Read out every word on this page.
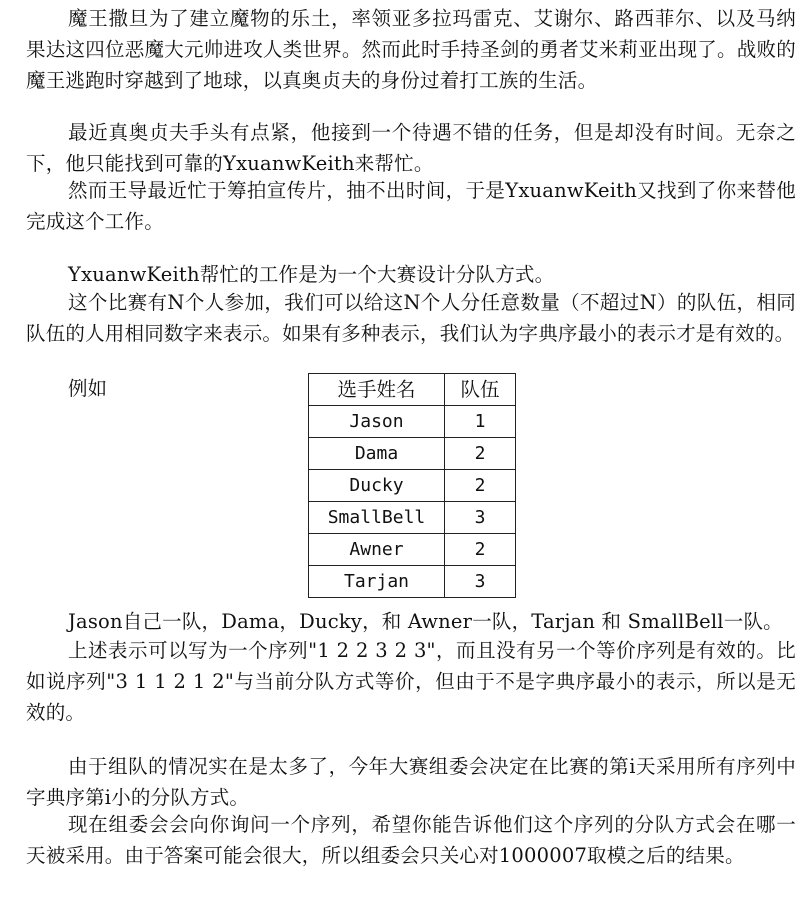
魔王撒旦为了建立魔物的乐土，率领亚多拉玛雷克、艾谢尔、路西菲尔、以及马纳果达这四位恶魔大元帅进攻人类世界。然而此时手持圣剑的勇者艾米莉亚出现了。战败的魔王逃跑时穿越到了地球，以真奥贞夫的身份过着打工族的生活。

最近真奥贞夫手头有点紧，他接到一个待遇不错的任务，但是却没有时间。无奈之下，他只能找到可靠的YxuanwKeith来帮忙。

然而王导最近忙于筹拍宣传片，抽不出时间，于是YxuanwKeith又找到了你来替他完成这个工作。

YxuanwKeith帮忙的工作是为一个大赛设计分队方式。

这个比赛有N个人参加，我们可以给这N个人分任意数量（不超过N）的队伍，相同队伍的人用相同数字来表示。如果有多种表示，我们认为字典序最小的表示才是有效的。

例如	选手姓名	队伍
Jason	1
Dama	2
Ducky	2
SmallBell	3
Awner	2
Tarjan	3

Jason自己一队，Dama，Ducky，和 Awner一队，Tarjan 和 SmallBell一队。

上述表示可以写为一个序列"1 2 2 3 2 3"，而且没有另一个等价序列是有效的。比如说序列"3 1 1 2 1 2"与当前分队方式等价，但由于不是字典序最小的表示，所以是无效的。

由于组队的情况实在是太多了，今年大赛组委会决定在比赛的第i天采用所有序列中字典序第i小的分队方式。

现在组委会会向你询问一个序列，希望你能告诉他们这个序列的分队方式会在哪一天被采用。由于答案可能会很大，所以组委会只关心对1000007取模之后的结果。
